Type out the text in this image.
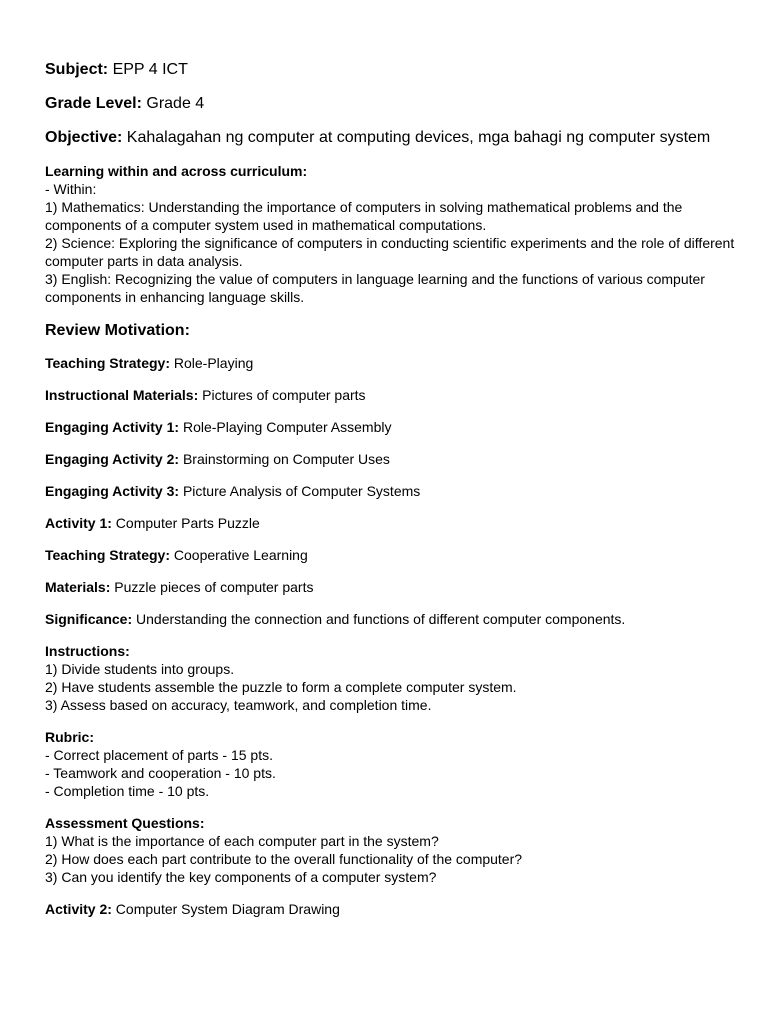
Subject: EPP 4 ICT

Grade Level: Grade 4

Objective: Kahalagahan ng computer at computing devices, mga bahagi ng computer system

Learning within and across curriculum:
- Within:
1) Mathematics: Understanding the importance of computers in solving mathematical problems and the components of a computer system used in mathematical computations.
2) Science: Exploring the significance of computers in conducting scientific experiments and the role of different computer parts in data analysis.
3) English: Recognizing the value of computers in language learning and the functions of various computer components in enhancing language skills.

Review Motivation:

Teaching Strategy: Role-Playing

Instructional Materials: Pictures of computer parts

Engaging Activity 1: Role-Playing Computer Assembly

Engaging Activity 2: Brainstorming on Computer Uses

Engaging Activity 3: Picture Analysis of Computer Systems

Activity 1: Computer Parts Puzzle

Teaching Strategy: Cooperative Learning

Materials: Puzzle pieces of computer parts

Significance: Understanding the connection and functions of different computer components.

Instructions:
1) Divide students into groups.
2) Have students assemble the puzzle to form a complete computer system.
3) Assess based on accuracy, teamwork, and completion time.
Rubric:
- Correct placement of parts - 15 pts.
- Teamwork and cooperation - 10 pts.
- Completion time - 10 pts.
Assessment Questions:
1) What is the importance of each computer part in the system?
2) How does each part contribute to the overall functionality of the computer?
3) Can you identify the key components of a computer system?

Activity 2: Computer System Diagram Drawing
